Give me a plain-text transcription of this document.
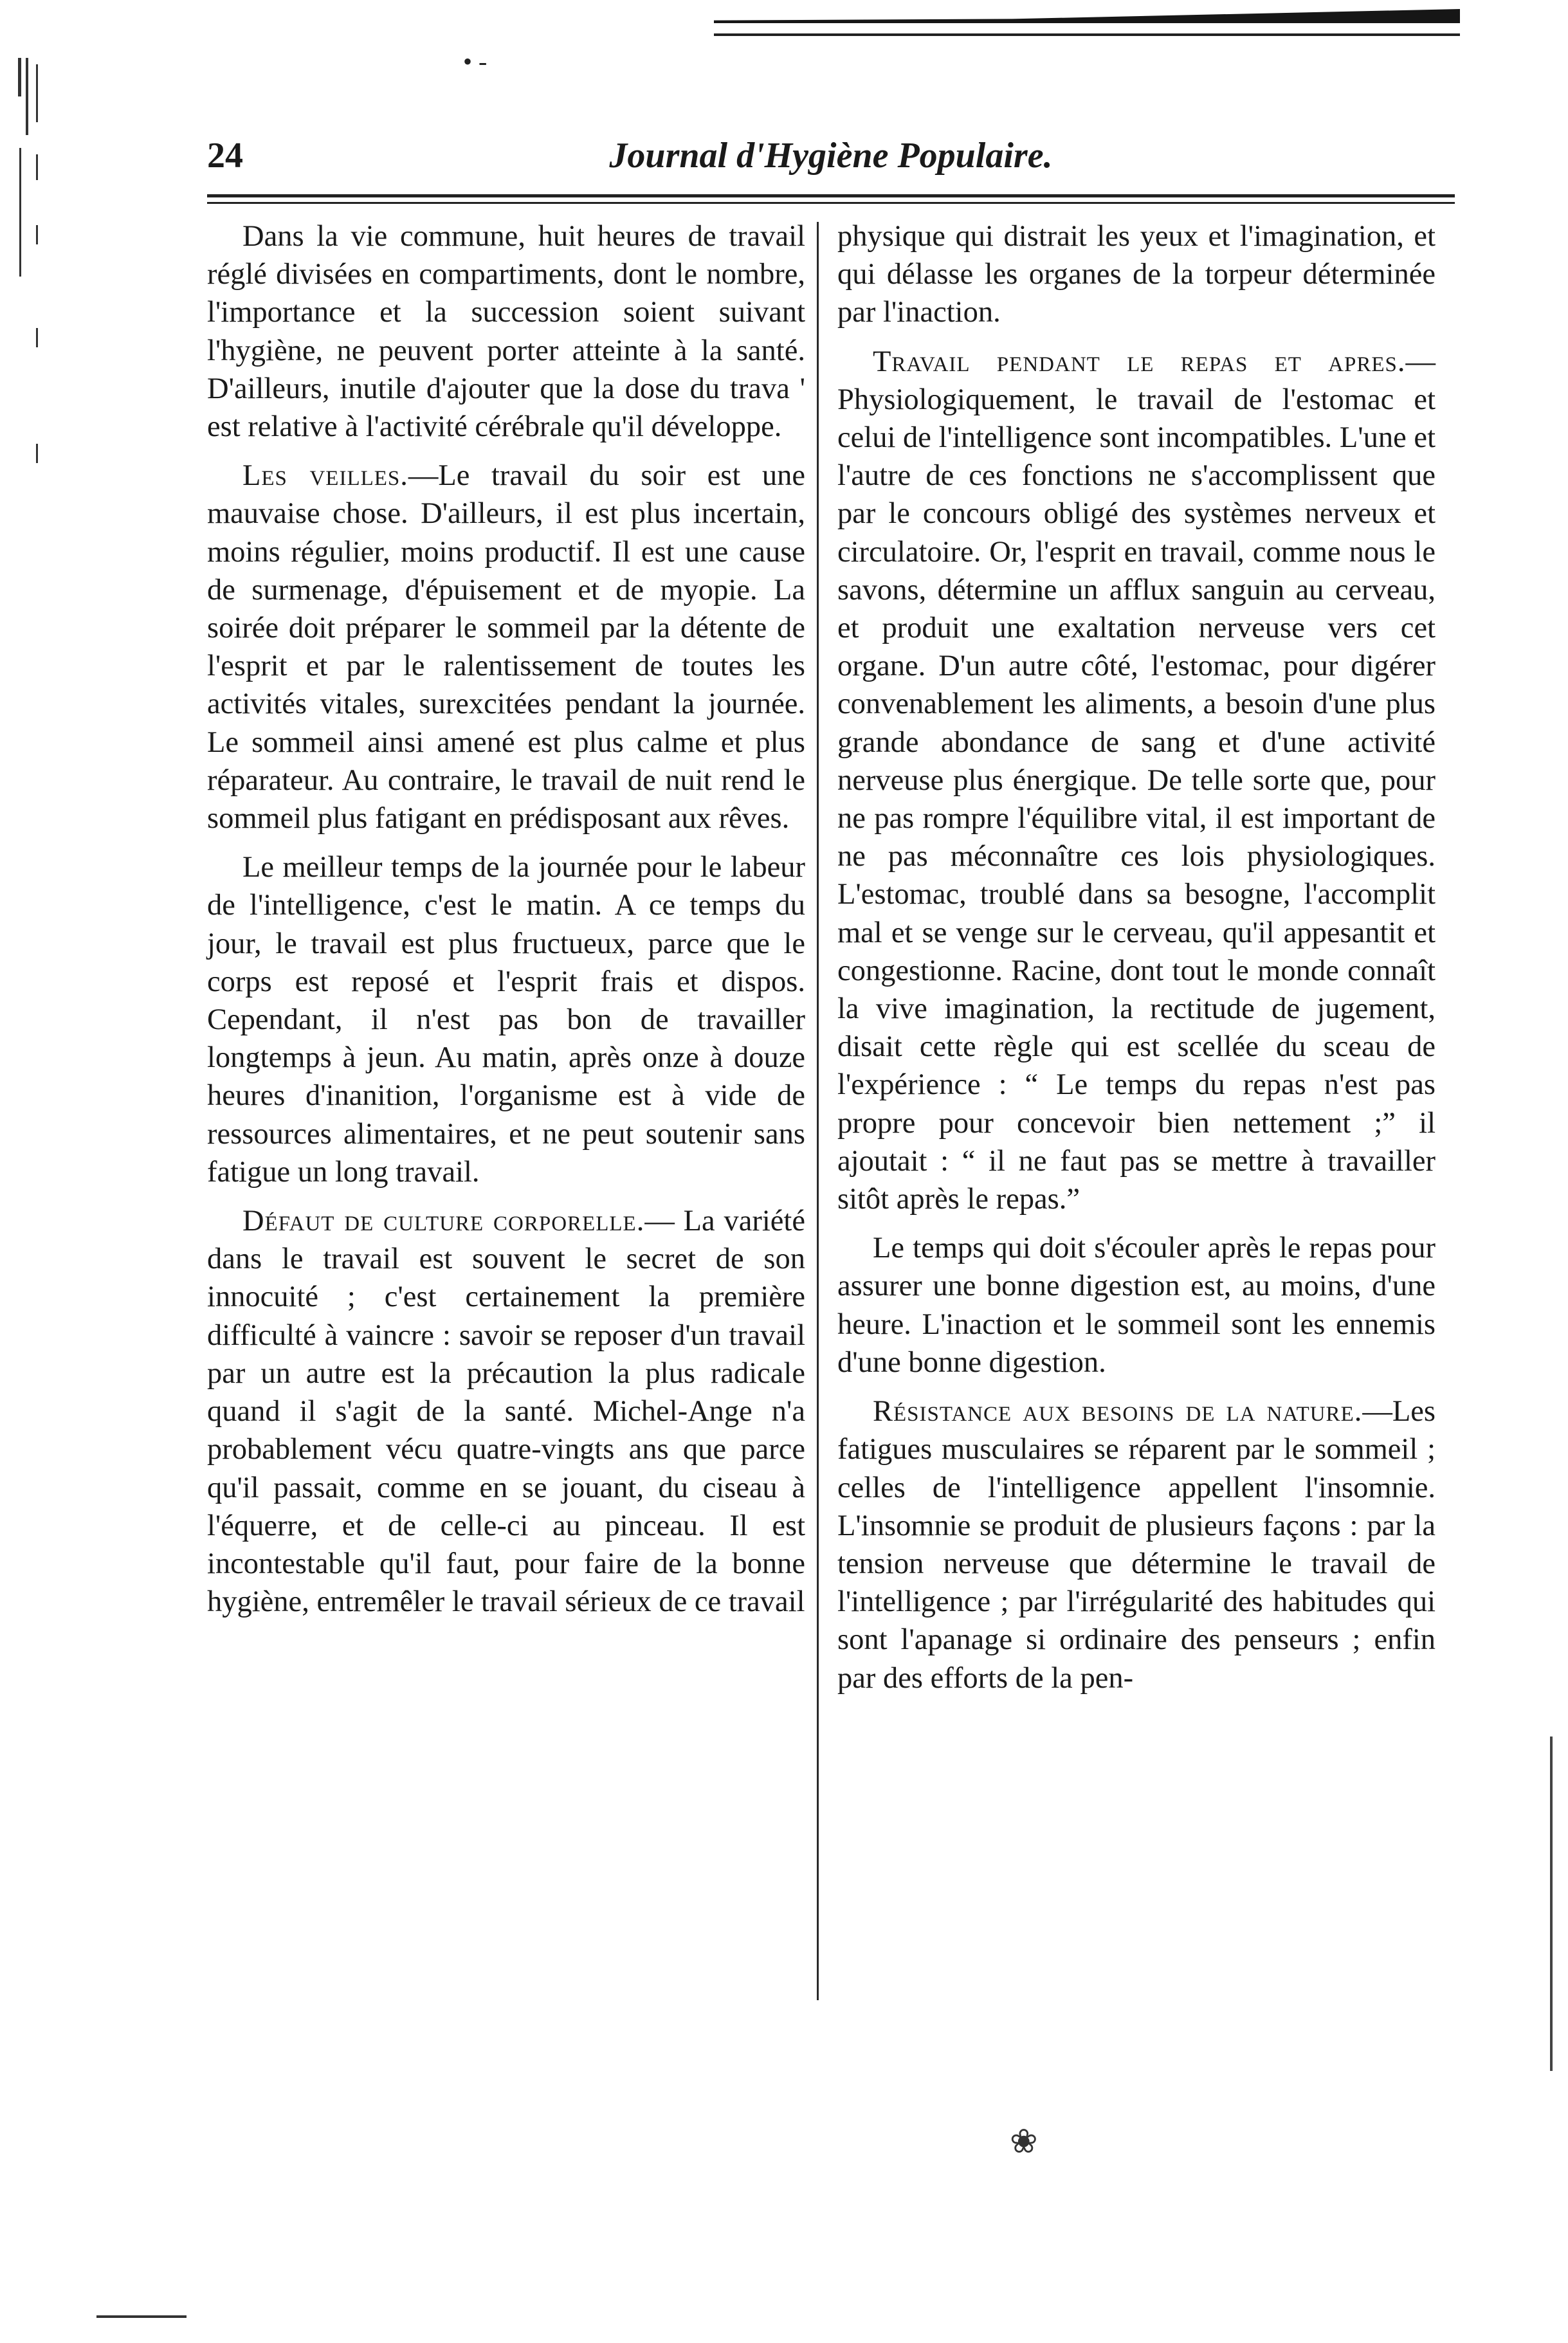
• -
24	Journal d'Hygiène Populaire.

Dans la vie commune, huit heures de travail réglé divisées en compartiments, dont le nombre, l'importance et la succession soient suivant l'hygiène, ne peuvent porter atteinte à la santé. D'ailleurs, inutile d'ajouter que la dose du trava ' est relative à l'activité cérébrale qu'il développe.

Les veilles.—Le travail du soir est une mauvaise chose. D'ailleurs, il est plus incertain, moins régulier, moins productif. Il est une cause de surmenage, d'épuisement et de myopie. La soirée doit préparer le sommeil par la détente de l'esprit et par le ralentissement de toutes les activités vitales, surexcitées pendant la journée. Le sommeil ainsi amené est plus calme et plus réparateur. Au contraire, le travail de nuit rend le sommeil plus fatigant en prédisposant aux rêves.

Le meilleur temps de la journée pour le labeur de l'intelligence, c'est le matin. A ce temps du jour, le travail est plus fructueux, parce que le corps est reposé et l'esprit frais et dispos. Cependant, il n'est pas bon de travailler longtemps à jeun. Au matin, après onze à douze heures d'inanition, l'organisme est à vide de ressources alimentaires, et ne peut soutenir sans fatigue un long travail.

Défaut de culture corporelle.— La variété dans le travail est souvent le secret de son innocuité ; c'est certainement la première difficulté à vaincre : savoir se reposer d'un travail par un autre est la précaution la plus radicale quand il s'agit de la santé. Michel-Ange n'a probablement vécu quatre-vingts ans que parce qu'il passait, comme en se jouant, du ciseau à l'équerre, et de celle-ci au pinceau. Il est incontestable qu'il faut, pour faire de la bonne hygiène, entremêler le travail sérieux de ce travail

physique qui distrait les yeux et l'imagination, et qui délasse les organes de la torpeur déterminée par l'inaction.

Travail pendant le repas et apres.—Physiologiquement, le travail de l'estomac et celui de l'intelligence sont incompatibles. L'une et l'autre de ces fonctions ne s'accomplissent que par le concours obligé des systèmes nerveux et circulatoire. Or, l'esprit en travail, comme nous le savons, détermine un afflux sanguin au cerveau, et produit une exaltation nerveuse vers cet organe. D'un autre côté, l'estomac, pour digérer convenablement les aliments, a besoin d'une plus grande abondance de sang et d'une activité nerveuse plus énergique. De telle sorte que, pour ne pas rompre l'équilibre vital, il est important de ne pas méconnaître ces lois physiologiques. L'estomac, troublé dans sa besogne, l'accomplit mal et se venge sur le cerveau, qu'il appesantit et congestionne. Racine, dont tout le monde connaît la vive imagination, la rectitude de jugement, disait cette règle qui est scellée du sceau de l'expérience : “ Le temps du repas n'est pas propre pour concevoir bien nettement ;” il ajoutait : “ il ne faut pas se mettre à travailler sitôt après le repas.”

Le temps qui doit s'écouler après le repas pour assurer une bonne digestion est, au moins, d'une heure. L'inaction et le sommeil sont les ennemis d'une bonne digestion.

Résistance aux besoins de la nature.—Les fatigues musculaires se réparent par le sommeil ; celles de l'intelligence appellent l'insomnie. L'insomnie se produit de plusieurs façons : par la tension nerveuse que détermine le travail de l'intelligence ; par l'irrégularité des habitudes qui sont l'apanage si ordinaire des penseurs ; enfin par des efforts de la pen-

❀
